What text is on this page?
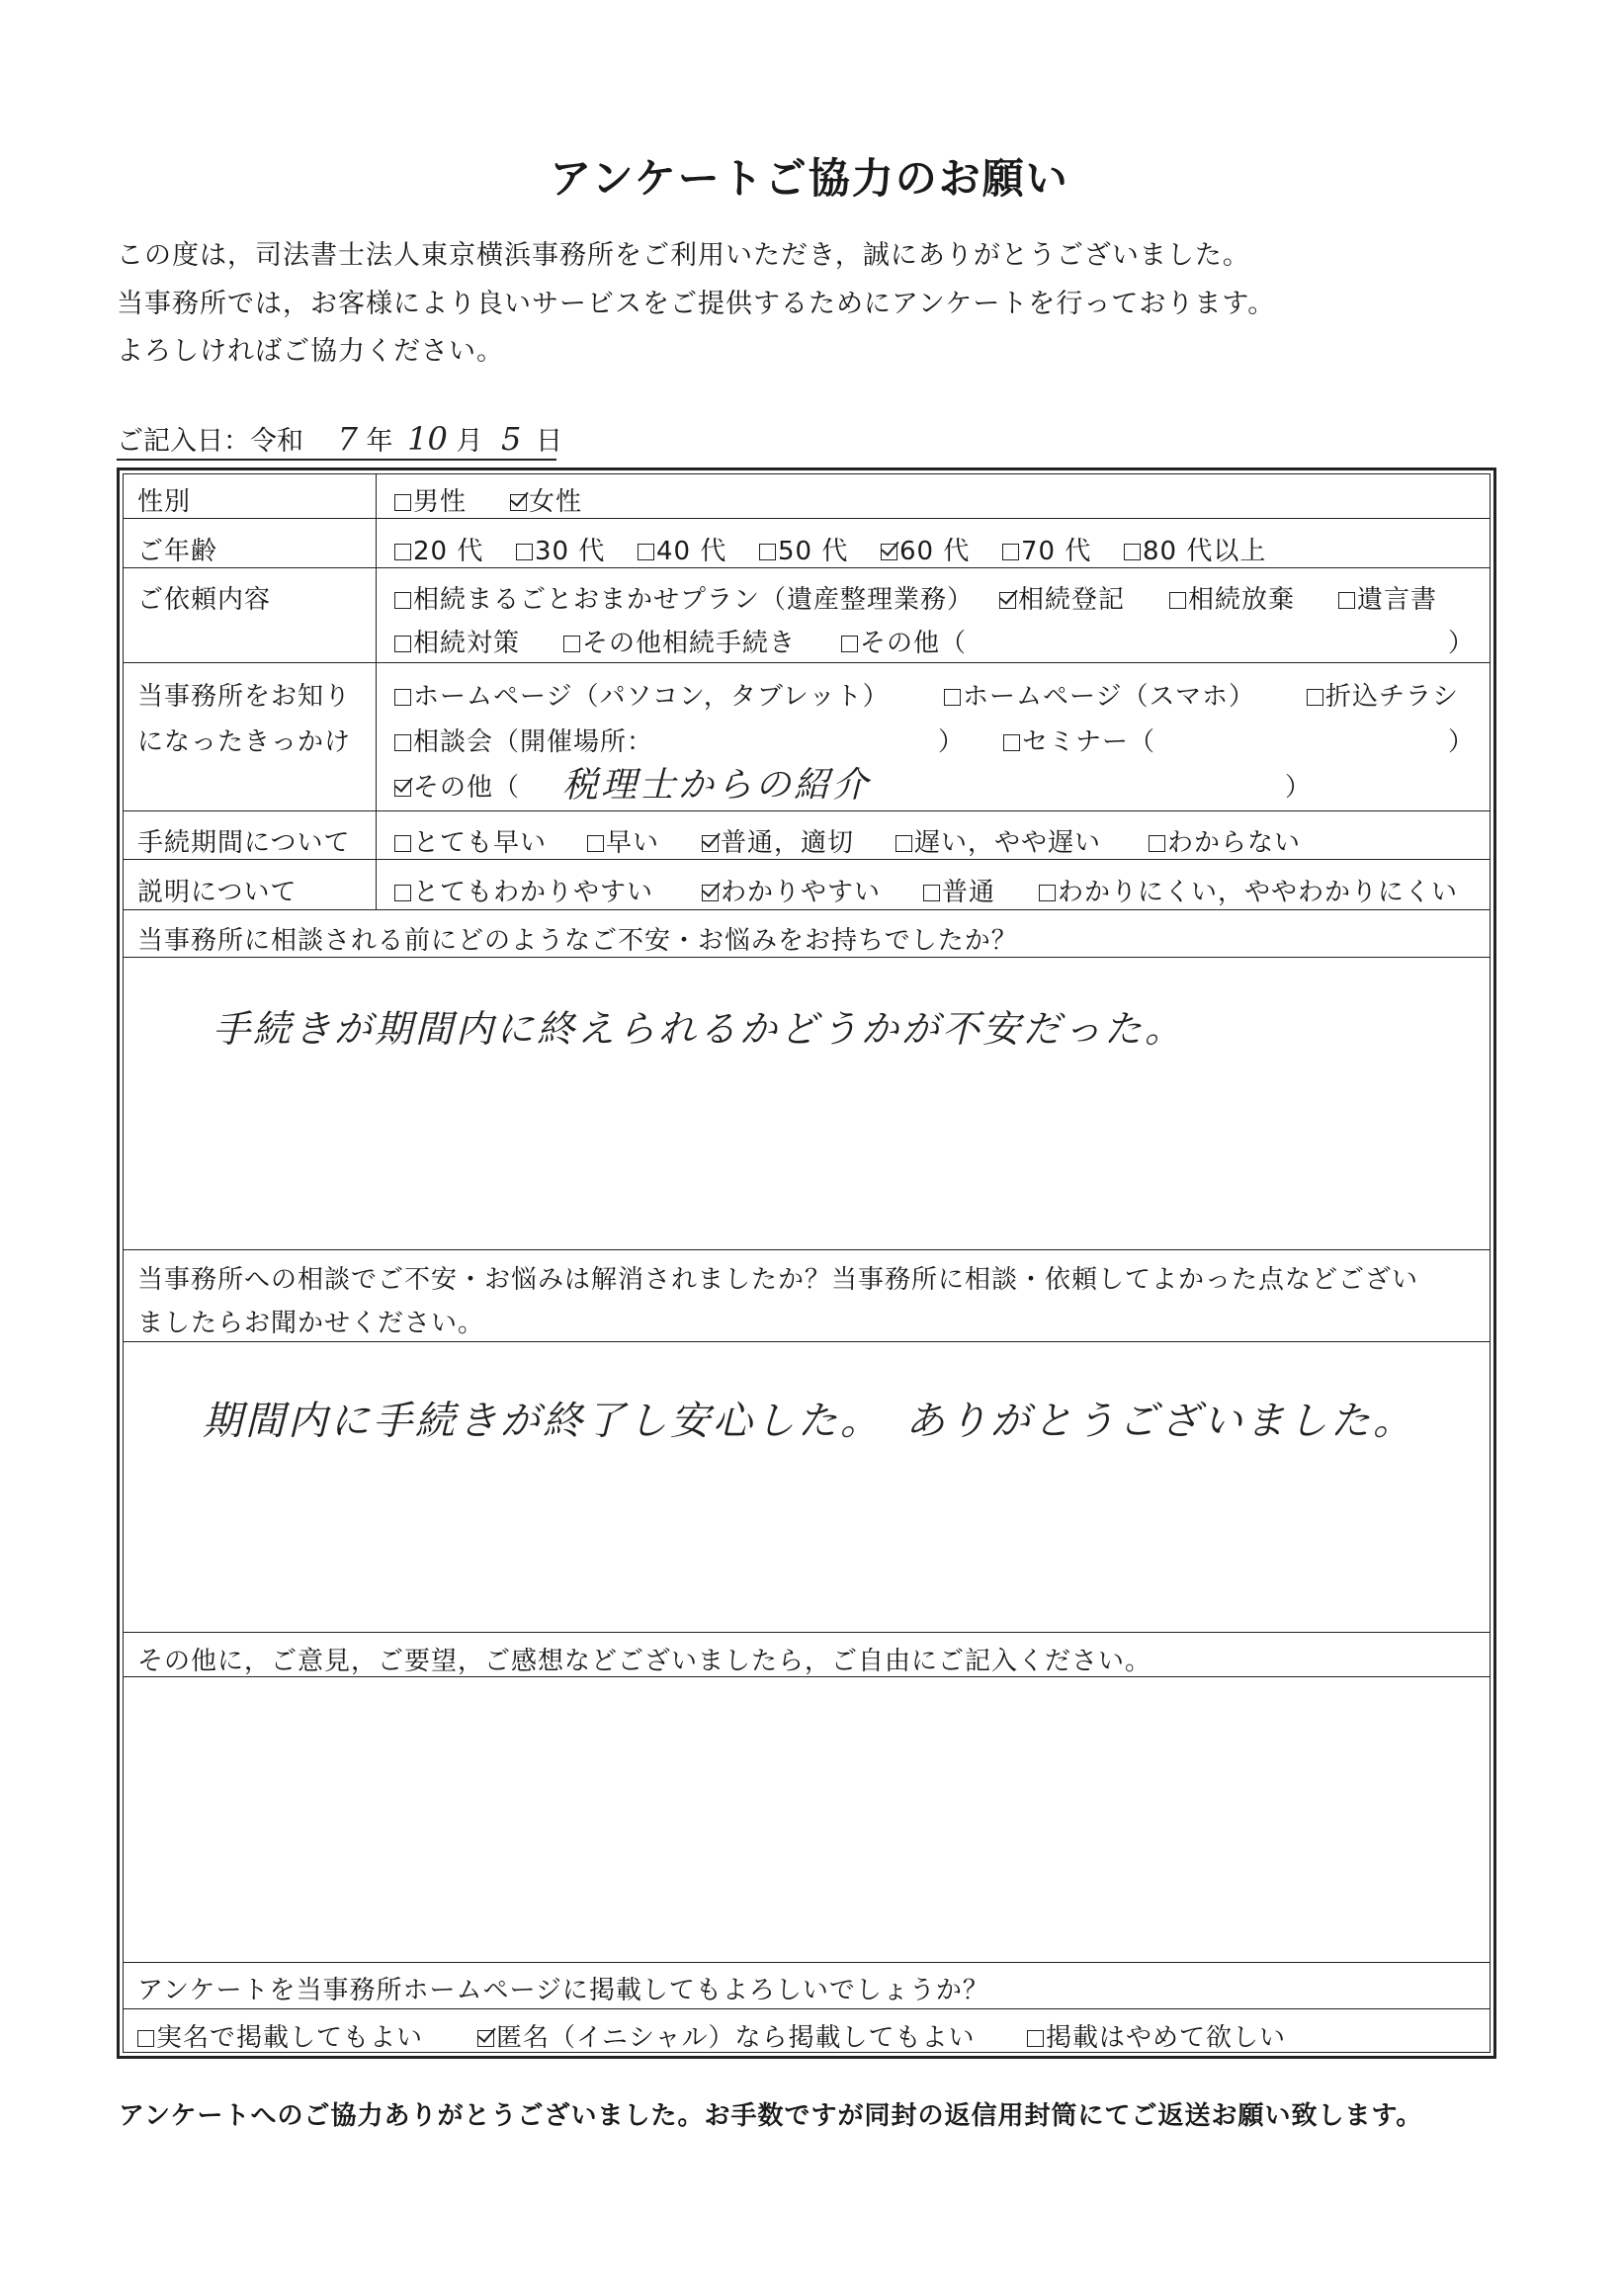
アンケートご協力のお願い
この度は，司法書士法人東京横浜事務所をご利用いただき，誠にありがとうございました。
当事務所では，お客様により良いサービスをご提供するためにアンケートを行っております。
よろしければご協力ください。
ご記入日：令和 7 年 10 月 5 日
性別	男性	女性
ご年齢	20 代	30 代	40 代	50 代	60 代	70 代	80 代以上
ご依頼内容	相続まるごとおまかせプラン（遺産整理業務）	相続登記	相続放棄	遺言書
相続対策	その他相続手続き	その他（	）
当事務所をお知り
になったきっかけ
ホームページ（パソコン，タブレット）	ホームページ（スマホ）	折込チラシ
相談会（開催場所：	）	セミナー（	）
その他（ 税理士からの紹介	）
手続期間について	とても早い	早い	普通，適切	遅い，やや遅い	わからない
説明について	とてもわかりやすい	わかりやすい	普通	わかりにくい，ややわかりにくい
当事務所に相談される前にどのようなご不安・お悩みをお持ちでしたか？
手続きが期間内に終えられるかどうかが不安だった。
当事務所への相談でご不安・お悩みは解消されましたか？当事務所に相談・依頼してよかった点などござい
ましたらお聞かせください。
期間内に手続きが終了し安心した。　ありがとうございました。
その他に，ご意見，ご要望，ご感想などございましたら，ご自由にご記入ください。
アンケートを当事務所ホームページに掲載してもよろしいでしょうか？
実名で掲載してもよい	匿名（イニシャル）なら掲載してもよい	掲載はやめて欲しい
アンケートへのご協力ありがとうございました。お手数ですが同封の返信用封筒にてご返送お願い致します。
